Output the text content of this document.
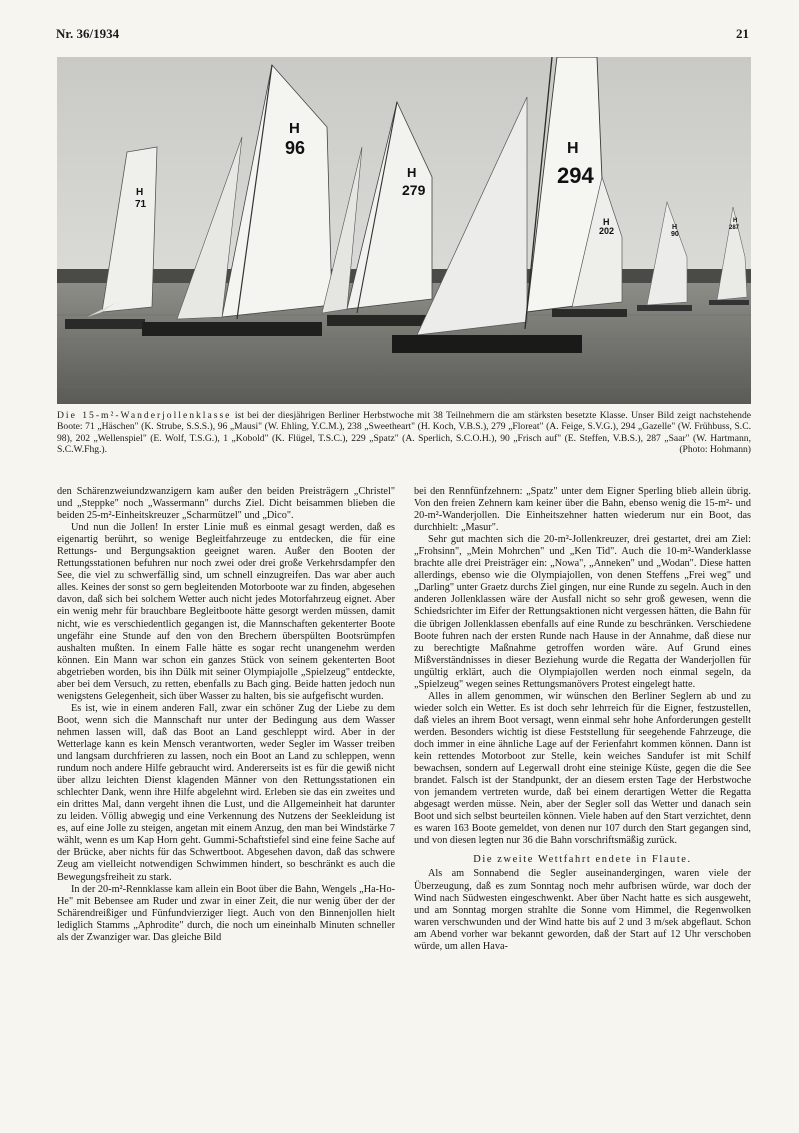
Nr. 36/1934	21
H
71
H
96
H
279
H
294
H
202	H
90
H
287
Die 15-m²-Wanderjollenklasse ist bei der diesjährigen Berliner Herbstwoche mit 38 Teilnehmern die am stärksten besetzte Klasse. Unser Bild zeigt nachstehende Boote: 71 „Häschen" (K. Strube, S.S.S.), 96 „Mausi" (W. Ehling, Y.C.M.), 238 „Sweetheart" (H. Koch, V.B.S.), 279 „Floreat" (A. Feige, S.V.G.), 294 „Gazelle" (W. Frühbuss, S.C. 98), 202 „Wellenspiel" (E. Wolf, T.S.G.), 1 „Kobold" (K. Flügel, T.S.C.), 229 „Spatz" (A. Sperlich, S.C.O.H.), 90 „Frisch auf" (E. Steffen, V.B.S.), 287 „Saar" (W. Hartmann, S.C.W.Fhg.).	(Photo: Hohmann)

den Schärenzweiundzwanzigern kam außer den beiden Preisträgern „Christel" und „Steppke" noch „Wassermann" durchs Ziel. Dicht beisammen blieben die beiden 25-m²-Einheitskreuzer „Scharmützel" und „Dico".

Und nun die Jollen! In erster Linie muß es einmal gesagt werden, daß es eigenartig berührt, so wenige Begleitfahrzeuge zu entdecken, die für eine Rettungs- und Bergungsaktion geeignet waren. Außer den Booten der Rettungsstationen befuhren nur noch zwei oder drei große Verkehrsdampfer den See, die viel zu schwerfällig sind, um schnell einzugreifen. Das war aber auch alles. Keines der sonst so gern begleitenden Motorboote war zu finden, abgesehen davon, daß sich bei solchem Wetter auch nicht jedes Motorfahrzeug eignet. Aber ein wenig mehr für brauchbare Begleitboote hätte gesorgt werden müssen, damit nicht, wie es verschiedentlich gegangen ist, die Mannschaften gekenterter Boote ungefähr eine Stunde auf den von den Brechern überspülten Bootsrümpfen aushalten mußten. In einem Falle hätte es sogar recht unangenehm werden können. Ein Mann war schon ein ganzes Stück von seinem gekenterten Boot abgetrieben worden, bis ihn Dülk mit seiner Olympiajolle „Spielzeug" entdeckte, aber bei dem Versuch, zu retten, ebenfalls zu Bach ging. Beide hatten jedoch nun wenigstens Gelegenheit, sich über Wasser zu halten, bis sie aufgefischt wurden.

Es ist, wie in einem anderen Fall, zwar ein schöner Zug der Liebe zu dem Boot, wenn sich die Mannschaft nur unter der Bedingung aus dem Wasser nehmen lassen will, daß das Boot an Land geschleppt wird. Aber in der Wetterlage kann es kein Mensch verantworten, weder Segler im Wasser treiben und langsam durchfrieren zu lassen, noch ein Boot an Land zu schleppen, wenn rundum noch andere Hilfe gebraucht wird. Andererseits ist es für die gewiß nicht über allzu leichten Dienst klagenden Männer von den Rettungsstationen ein schlechter Dank, wenn ihre Hilfe abgelehnt wird. Erleben sie das ein zweites und ein drittes Mal, dann vergeht ihnen die Lust, und die Allgemeinheit hat darunter zu leiden. Völlig abwegig und eine Verkennung des Nutzens der Seekleidung ist es, auf eine Jolle zu steigen, angetan mit einem Anzug, den man bei Windstärke 7 wählt, wenn es um Kap Horn geht. Gummi-Schaftstiefel sind eine feine Sache auf der Brücke, aber nichts für das Schwertboot. Abgesehen davon, daß das schwere Zeug am vielleicht notwendigen Schwimmen hindert, so beschränkt es auch die Bewegungsfreiheit zu stark.

In der 20-m²-Rennklasse kam allein ein Boot über die Bahn, Wengels „Ha-Ho-He" mit Bebensee am Ruder und zwar in einer Zeit, die nur wenig über der der Schärendreißiger und Fünfundvierziger liegt. Auch von den Binnenjollen hielt lediglich Stamms „Aphrodite" durch, die noch um eineinhalb Minuten schneller als der Zwanziger war. Das gleiche Bild

bei den Rennfünfzehnern: „Spatz" unter dem Eigner Sperling blieb allein übrig. Von den freien Zehnern kam keiner über die Bahn, ebenso wenig die 15-m²- und 20-m²-Wanderjollen. Die Einheitszehner hatten wiederum nur ein Boot, das durchhielt: „Masur".

Sehr gut machten sich die 20-m²-Jollenkreuzer, drei gestartet, drei am Ziel: „Frohsinn", „Mein Mohrchen" und „Ken Tid". Auch die 10-m²-Wanderklasse brachte alle drei Preisträger ein: „Nowa", „Anneken" und „Wodan". Diese hatten allerdings, ebenso wie die Olympiajollen, von denen Steffens „Frei weg" und „Darling" unter Graetz durchs Ziel gingen, nur eine Runde zu segeln. Auch in den anderen Jollenklassen wäre der Ausfall nicht so sehr groß gewesen, wenn die Schiedsrichter im Eifer der Rettungsaktionen nicht vergessen hätten, die Bahn für die übrigen Jollenklassen ebenfalls auf eine Runde zu beschränken. Verschiedene Boote fuhren nach der ersten Runde nach Hause in der Annahme, daß diese nur zu berechtigte Maßnahme getroffen worden wäre. Auf Grund eines Mißverständnisses in dieser Beziehung wurde die Regatta der Wanderjollen für ungültig erklärt, auch die Olympiajollen werden noch einmal segeln, da „Spielzeug" wegen seines Rettungsmanövers Protest eingelegt hatte.

Alles in allem genommen, wir wünschen den Berliner Seglern ab und zu wieder solch ein Wetter. Es ist doch sehr lehrreich für die Eigner, festzustellen, daß vieles an ihrem Boot versagt, wenn einmal sehr hohe Anforderungen gestellt werden. Besonders wichtig ist diese Feststellung für seegehende Fahrzeuge, die doch immer in eine ähnliche Lage auf der Ferienfahrt kommen können. Dann ist kein rettendes Motorboot zur Stelle, kein weiches Sandufer ist mit Schilf bewachsen, sondern auf Legerwall droht eine steinige Küste, gegen die die See brandet. Falsch ist der Standpunkt, der an diesem ersten Tage der Herbstwoche von jemandem vertreten wurde, daß bei einem derartigen Wetter die Regatta abgesagt werden müsse. Nein, aber der Segler soll das Wetter und danach sein Boot und sich selbst beurteilen können. Viele haben auf den Start verzichtet, denn es waren 163 Boote gemeldet, von denen nur 107 durch den Start gegangen sind, und von diesen legten nur 36 die Bahn vorschriftsmäßig zurück.

Die zweite Wettfahrt endete in Flaute.

Als am Sonnabend die Segler auseinandergingen, waren viele der Überzeugung, daß es zum Sonntag noch mehr aufbrisen würde, war doch der Wind nach Südwesten eingeschwenkt. Aber über Nacht hatte es sich ausgeweht, und am Sonntag morgen strahlte die Sonne vom Himmel, die Regenwolken waren verschwunden und der Wind hatte bis auf 2 und 3 m/sek abgeflaut. Schon am Abend vorher war bekannt geworden, daß der Start auf 12 Uhr verschoben würde, um allen Hava-
